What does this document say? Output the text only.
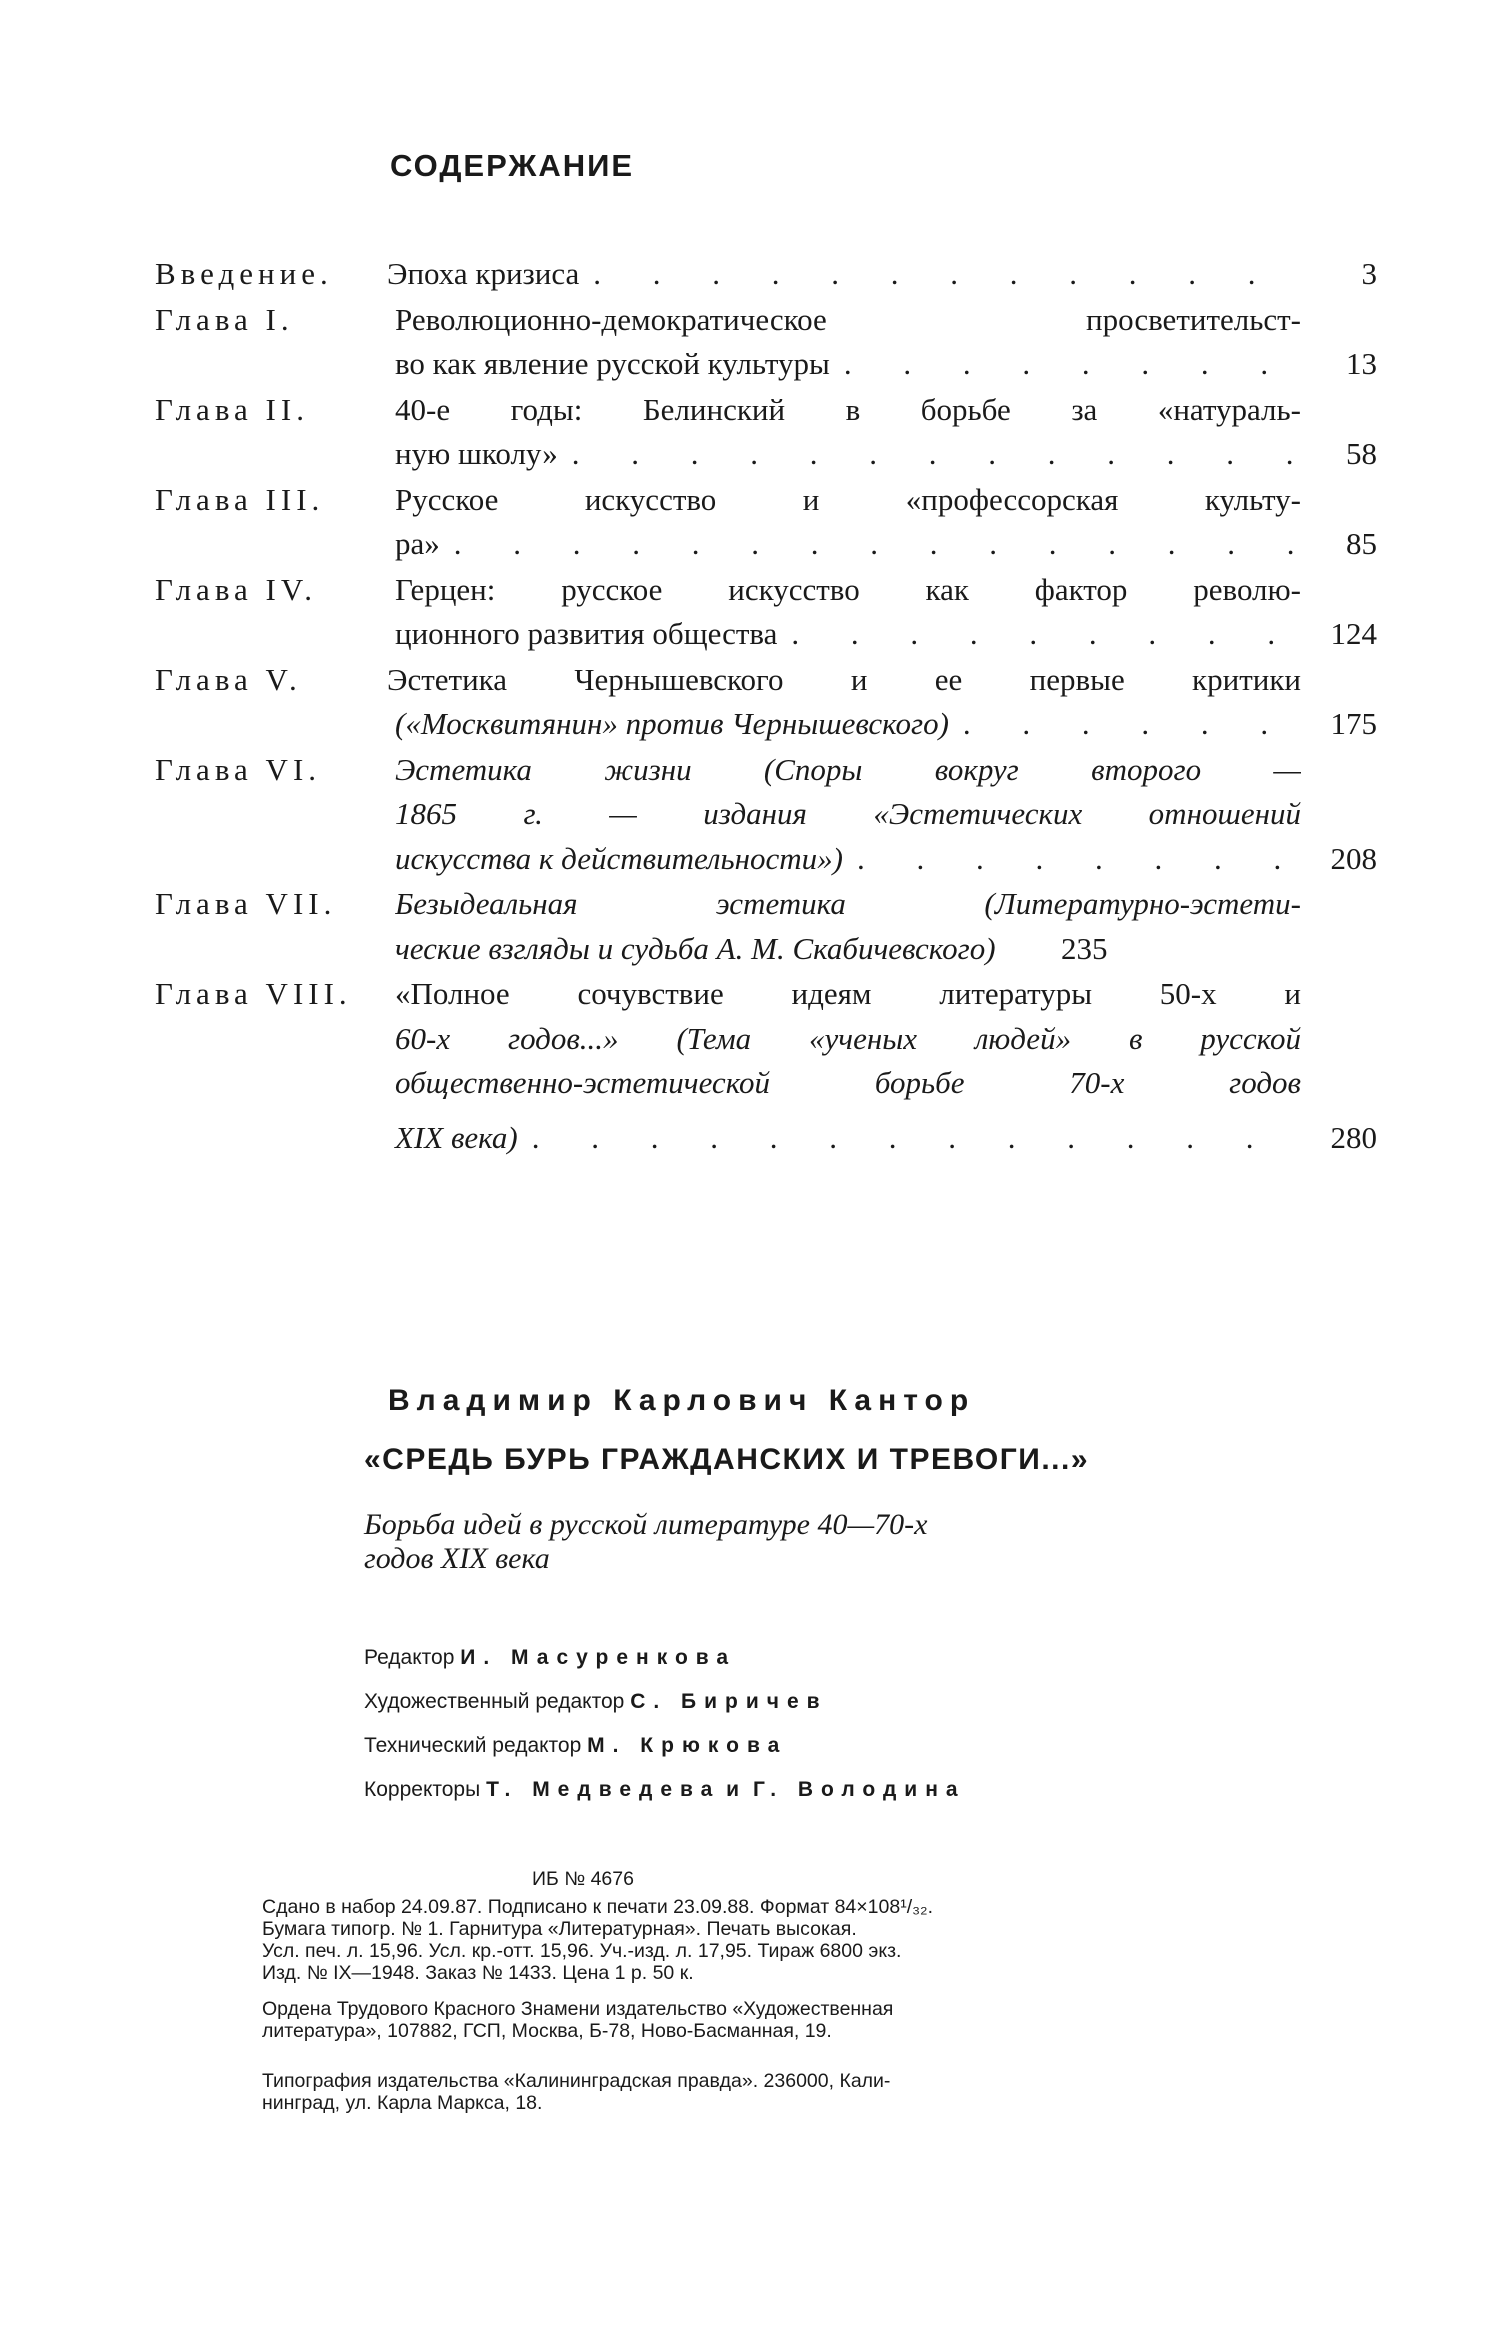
СОДЕРЖАНИЕ
Введение. Эпоха кризиса . . .	3
Глава I.	Революционно-демократическое просветительст-
во как явление русской культуры . . .	13
Глава II.	40-е годы: Белинский в борьбе за «натураль-
ную школу» . . .	58
Глава III. Русское искусство и «профессорская культу-
ра» . . .	85
Глава IV.	Герцен: русское искусство как фактор револю-
ционного развития общества . . .	124
Глава V.	Эстетика Чернышевского и ее первые критики
(«Москвитянин» против Чернышевского) . . .	175
Глава VI. Эстетика жизни (Споры вокруг второго —
1865 г. — издания «Эстетических отношений
искусства к действительности») . . .	208
Глава VII. Безыдеальная эстетика (Литературно-эстети-
ческие взгляды и судьба А. М. Скабичевского)	235
Глава VIII. «Полное сочувствие идеям литературы 50-х и
60-х годов...» (Тема «ученых людей» в русской
общественно-эстетической борьбе 70-х годов
XIX века) . . .	280
Владимир Карлович Кантор
«СРЕДЬ БУРЬ ГРАЖДАНСКИХ И ТРЕВОГИ...»
Борьба идей в русской литературе 40—70-х
годов XIX века
Редактор И. Масуренкова
Художественный редактор С. Биричев
Технический редактор М. Крюкова
Корректоры Т. Медведева и Г. Володина
ИБ № 4676

Сдано в набор 24.09.87. Подписано к печати 23.09.88. Формат 84×108¹/₃₂.
Бумага типогр. № 1. Гарнитура «Литературная». Печать высокая.
Усл. печ. л. 15,96. Усл. кр.-отт. 15,96. Уч.-изд. л. 17,95. Тираж 6800 экз.
Изд. № IX—1948. Заказ № 1433. Цена 1 р. 50 к.

Ордена Трудового Красного Знамени издательство «Художественная
литература», 107882, ГСП, Москва, Б-78, Ново-Басманная, 19.

Типография издательства «Калининградская правда». 236000, Кали-
нинград, ул. Карла Маркса, 18.
